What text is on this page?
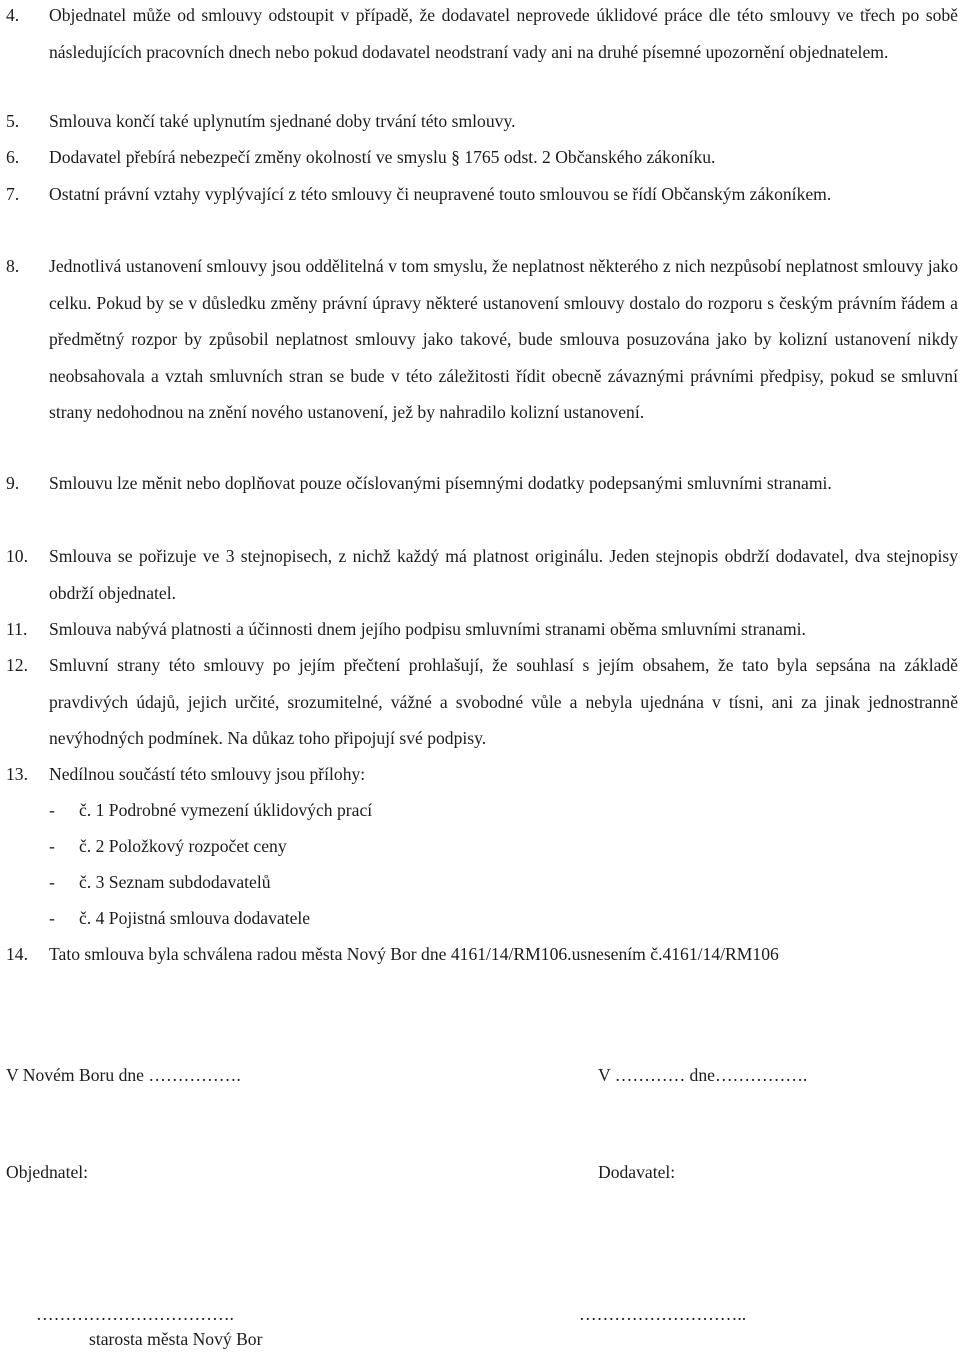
4. Objednatel může od smlouvy odstoupit v případě, že dodavatel neprovede úklidové práce dle této smlouvy ve třech po sobě následujících pracovních dnech nebo pokud dodavatel neodstraní vady ani na druhé písemné upozornění objednatelem.
5. Smlouva končí také uplynutím sjednané doby trvání této smlouvy.
6. Dodavatel přebírá nebezpečí změny okolností ve smyslu § 1765 odst. 2 Občanského zákoníku.
7. Ostatní právní vztahy vyplývající z této smlouvy či neupravené touto smlouvou se řídí Občanským zákoníkem.
8. Jednotlivá ustanovení smlouvy jsou oddělitelná v tom smyslu, že neplatnost některého z nich nezpůsobí neplatnost smlouvy jako celku. Pokud by se v důsledku změny právní úpravy některé ustanovení smlouvy dostalo do rozporu s českým právním řádem a předmětný rozpor by způsobil neplatnost smlouvy jako takové, bude smlouva posuzována jako by kolizní ustanovení nikdy neobsahovala a vztah smluvních stran se bude v této záležitosti řídit obecně závaznými právními předpisy, pokud se smluvní strany nedohodnou na znění nového ustanovení, jež by nahradilo kolizní ustanovení.
9. Smlouvu lze měnit nebo doplňovat pouze očíslovanými písemnými dodatky podepsanými smluvními stranami.
10. Smlouva se pořizuje ve 3 stejnopisech, z nichž každý má platnost originálu. Jeden stejnopis obdrží dodavatel, dva stejnopisy obdrží objednatel.
11. Smlouva nabývá platnosti a účinnosti dnem jejího podpisu smluvními stranami oběma smluvními stranami.
12. Smluvní strany této smlouvy po jejím přečtení prohlašují, že souhlasí s jejím obsahem, že tato byla sepsána na základě pravdivých údajů, jejich určité, srozumitelné, vážné a svobodné vůle a nebyla ujednána v tísni, ani za jinak jednostranně nevýhodných podmínek. Na důkaz toho připojují své podpisy.
13. Nedílnou součástí této smlouvy jsou přílohy:
- č. 1 Podrobné vymezení úklidových prací
- č. 2 Položkový rozpočet ceny
- č. 3 Seznam subdodavatelů
- č. 4 Pojistná smlouva dodavatele
14. Tato smlouva byla schválena radou města Nový Bor dne 4161/14/RM106.usnesením č.4161/14/RM106
V Novém Boru dne …………….	V ………… dne…………….
Objednatel:	Dodavatel:
…………………………….	………………………..
starosta města Nový Bor
